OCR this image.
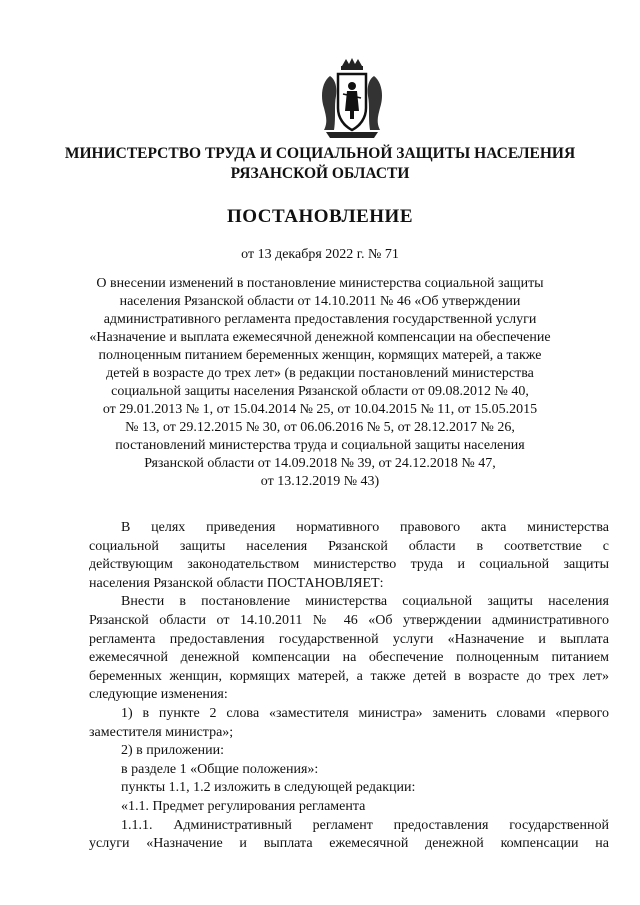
МИНИСТЕРСТВО ТРУДА И СОЦИАЛЬНОЙ ЗАЩИТЫ НАСЕЛЕНИЯ
РЯЗАНСКОЙ ОБЛАСТИ
ПОСТАНОВЛЕНИЕ
от 13 декабря 2022 г. № 71
О внесении изменений в постановление министерства социальной защиты
населения Рязанской области от 14.10.2011 № 46 «Об утверждении
административного регламента предоставления государственной услуги
«Назначение и выплата ежемесячной денежной компенсации на обеспечение
полноценным питанием беременных женщин, кормящих матерей, а также
детей в возрасте до трех лет» (в редакции постановлений министерства
социальной защиты населения Рязанской области от 09.08.2012 № 40,
от 29.01.2013 № 1, от 15.04.2014 № 25, от 10.04.2015 № 11, от 15.05.2015
№ 13, от 29.12.2015 № 30, от 06.06.2016 № 5, от 28.12.2017 № 26,
постановлений министерства труда и социальной защиты населения
Рязанской области от 14.09.2018 № 39, от 24.12.2018 № 47,
от 13.12.2019 № 43)

В целях приведения нормативного правового акта министерства

социальной защиты населения Рязанской области в соответствие с

действующим законодательством министерство труда и социальной защиты

населения Рязанской области ПОСТАНОВЛЯЕТ:

Внести в постановление министерства социальной защиты населения

Рязанской области от 14.10.2011 № 46 «Об утверждении административного

регламента предоставления государственной услуги «Назначение и выплата

ежемесячной денежной компенсации на обеспечение полноценным питанием

беременных женщин, кормящих матерей, а также детей в возрасте до трех лет»

следующие изменения:

1) в пункте 2 слова «заместителя министра» заменить словами «первого

заместителя министра»;

2) в приложении:

в разделе 1 «Общие положения»:

пункты 1.1, 1.2 изложить в следующей редакции:

«1.1. Предмет регулирования регламента

1.1.1. Административный регламент предоставления государственной

услуги «Назначение и выплата ежемесячной денежной компенсации на
